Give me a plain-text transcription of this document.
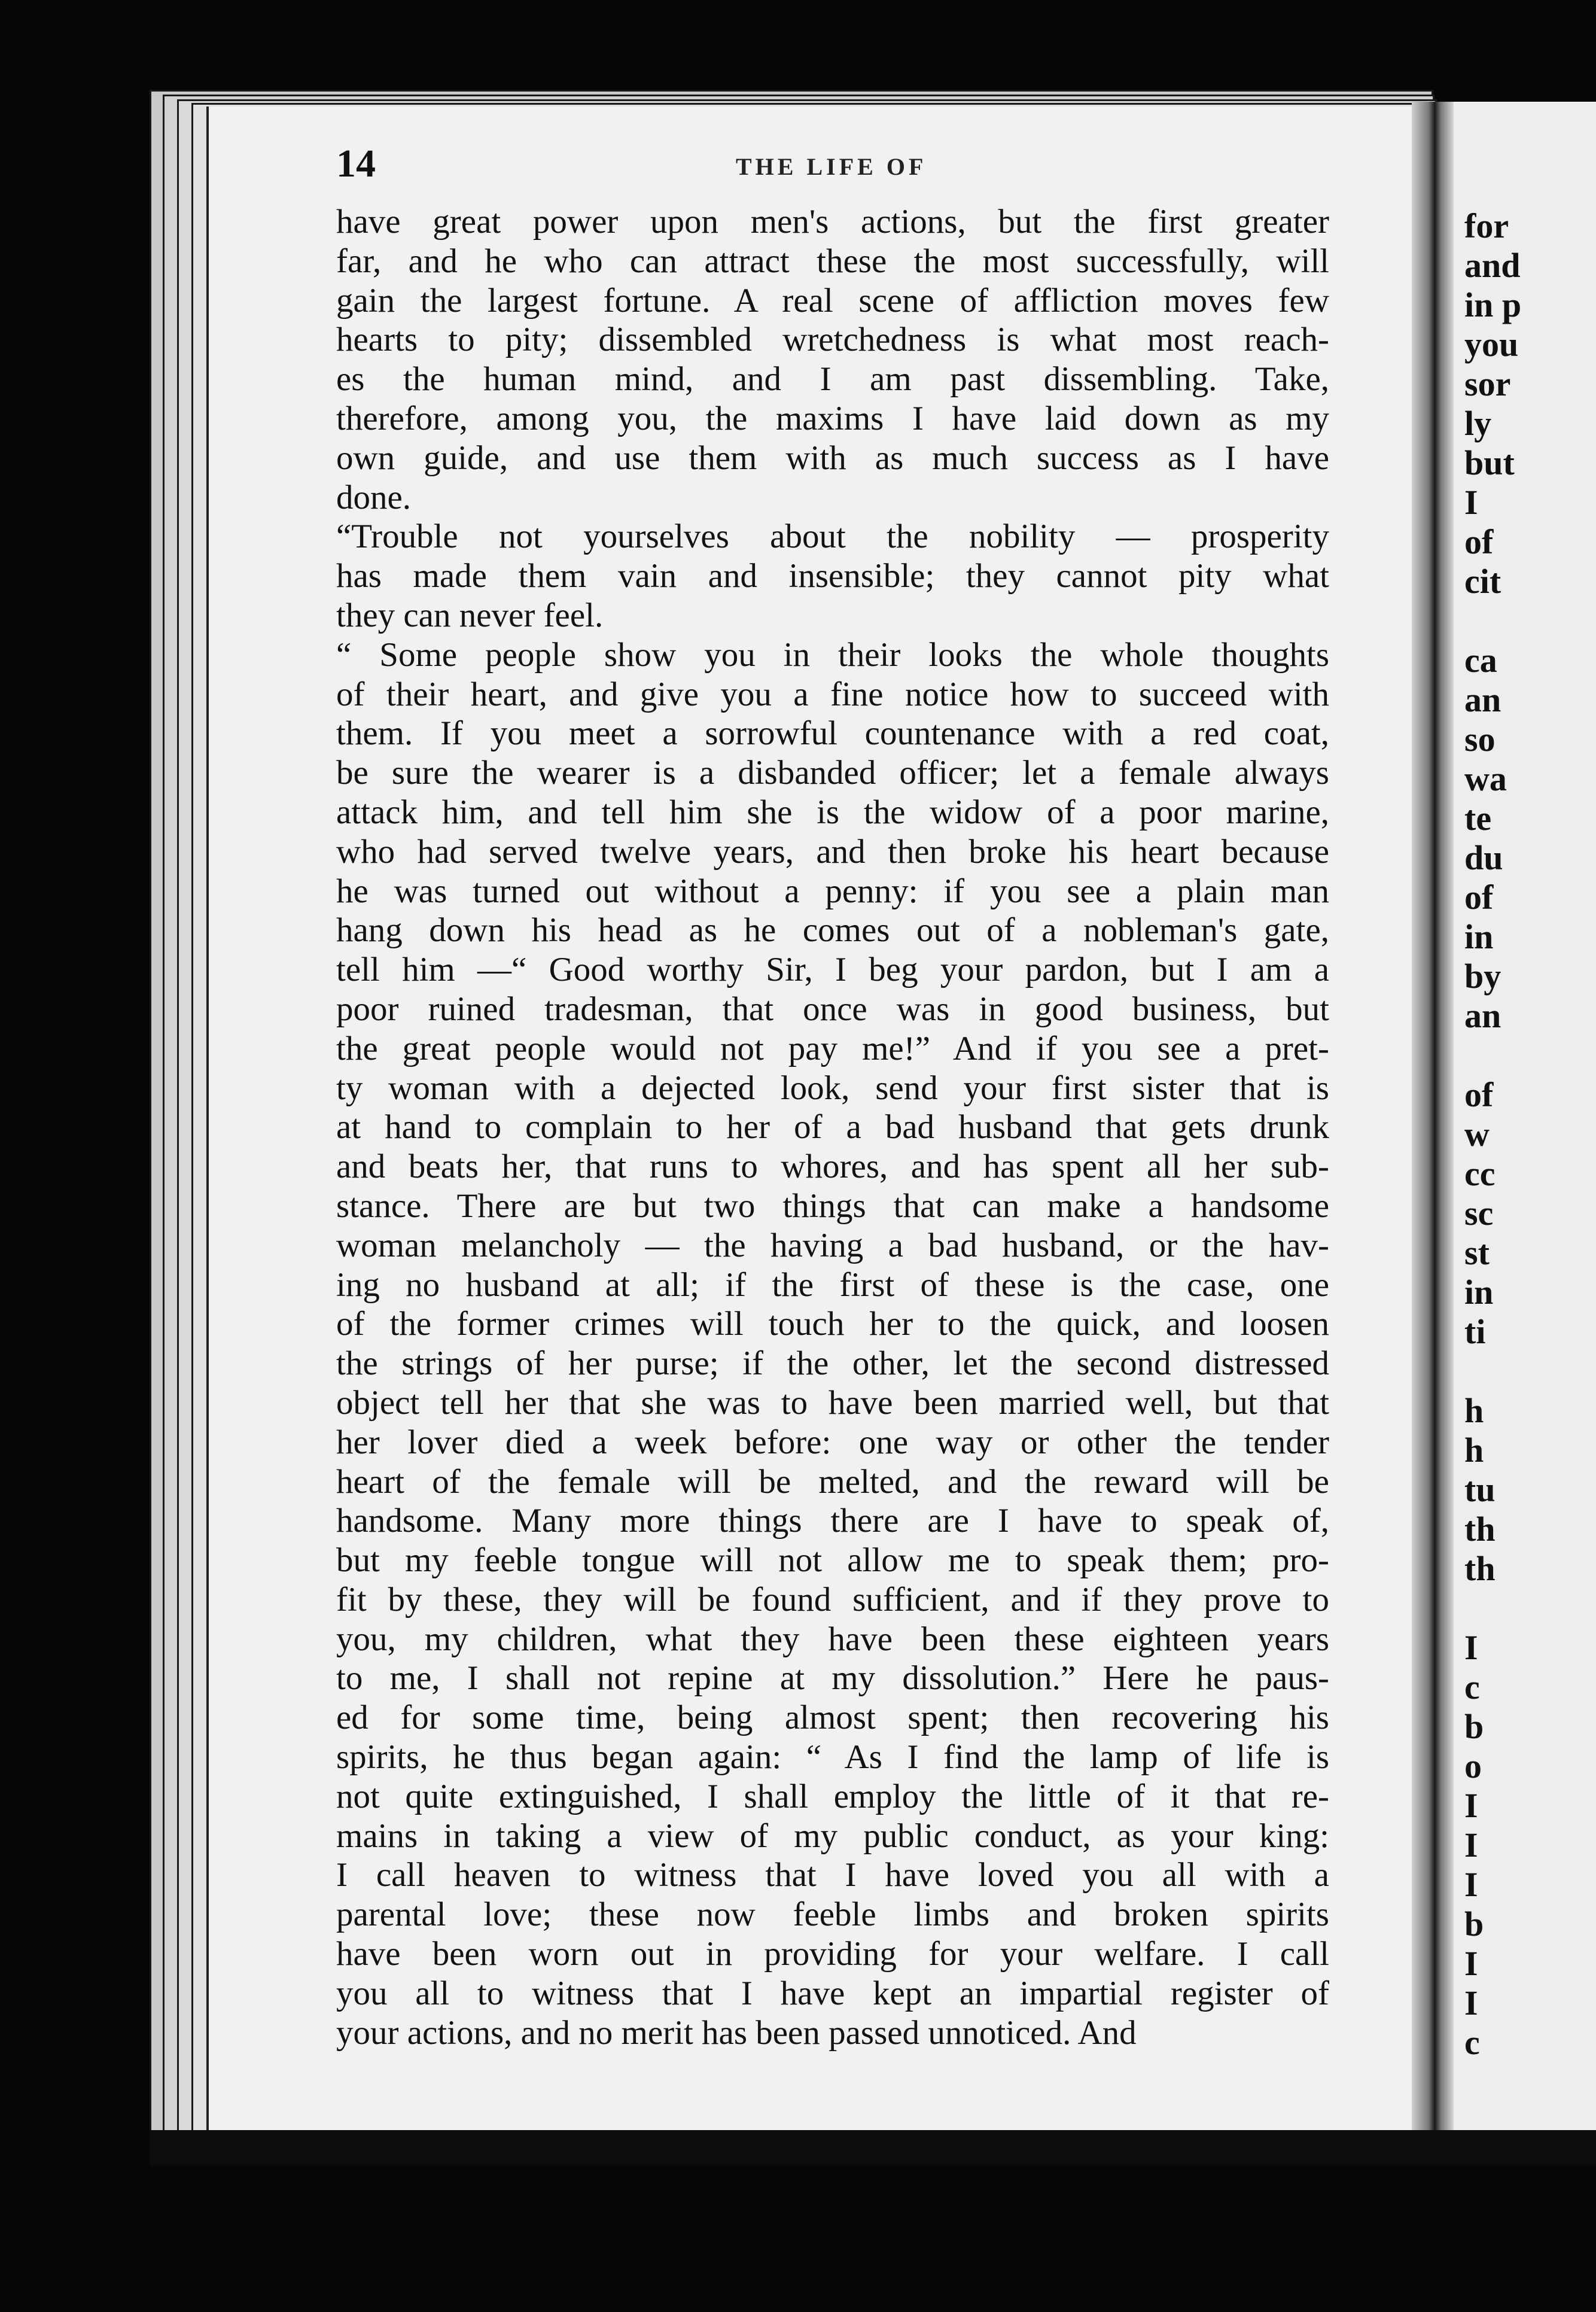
for
and
in p
you
sor
ly
but
I
of
cit
ca
an
so
wa
te
du
of
in
by
an
of
w
cc
sc
st
in
ti
h
h
tu
th
th
I
c
b
o
I
I
I
b
I
I
c
14	THE LIFE OF
have great power upon men's actions, but the first greater
far, and he who can attract these the most successfully, will
gain the largest fortune. A real scene of affliction moves few
hearts to pity; dissembled wretchedness is what most reach-
es the human mind, and I am past dissembling. Take,
therefore, among you, the maxims I have laid down as my
own guide, and use them with as much success as I have
done.
“Trouble not yourselves about the nobility — prosperity
has made them vain and insensible; they cannot pity what
they can never feel.
“ Some people show you in their looks the whole thoughts
of their heart, and give you a fine notice how to succeed with
them. If you meet a sorrowful countenance with a red coat,
be sure the wearer is a disbanded officer; let a female always
attack him, and tell him she is the widow of a poor marine,
who had served twelve years, and then broke his heart because
he was turned out without a penny: if you see a plain man
hang down his head as he comes out of a nobleman's gate,
tell him —“ Good worthy Sir, I beg your pardon, but I am a
poor ruined tradesman, that once was in good business, but
the great people would not pay me!” And if you see a pret-
ty woman with a dejected look, send your first sister that is
at hand to complain to her of a bad husband that gets drunk
and beats her, that runs to whores, and has spent all her sub-
stance. There are but two things that can make a handsome
woman melancholy — the having a bad husband, or the hav-
ing no husband at all; if the first of these is the case, one
of the former crimes will touch her to the quick, and loosen
the strings of her purse; if the other, let the second distressed
object tell her that she was to have been married well, but that
her lover died a week before: one way or other the tender
heart of the female will be melted, and the reward will be
handsome. Many more things there are I have to speak of,
but my feeble tongue will not allow me to speak them; pro-
fit by these, they will be found sufficient, and if they prove to
you, my children, what they have been these eighteen years
to me, I shall not repine at my dissolution.” Here he paus-
ed for some time, being almost spent; then recovering his
spirits, he thus began again: “ As I find the lamp of life is
not quite extinguished, I shall employ the little of it that re-
mains in taking a view of my public conduct, as your king:
I call heaven to witness that I have loved you all with a
parental love; these now feeble limbs and broken spirits
have been worn out in providing for your welfare. I call
you all to witness that I have kept an impartial register of
your actions, and no merit has been passed unnoticed. And
